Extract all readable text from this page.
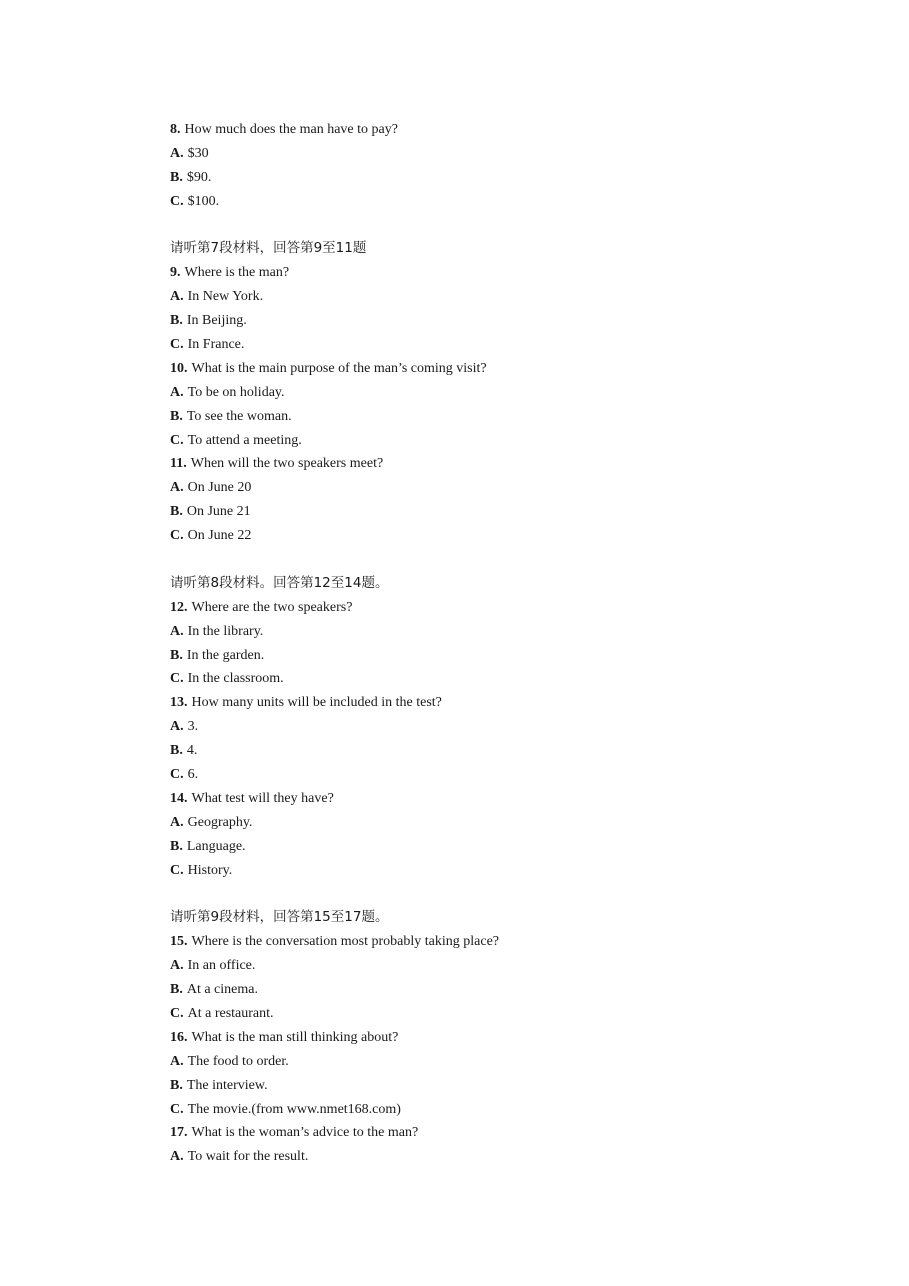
8. How much does the man have to pay?
A. $30
B. $90.
C. $100.
请听第7段材料，回答第9至11题
9. Where is the man?
A. In New York.
B. In Beijing.
C. In France.
10. What is the main purpose of the man’s coming visit?
A. To be on holiday.
B. To see the woman.
C. To attend a meeting.
11. When will the two speakers meet?
A. On June 20
B. On June 21
C. On June 22
请听第8段材料。回答第12至14题。
12. Where are the two speakers?
A. In the library.
B. In the garden.
C. In the classroom.
13. How many units will be included in the test?
A. 3.
B. 4.
C. 6.
14. What test will they have?
A. Geography.
B. Language.
C. History.
请听第9段材料，回答第15至17题。
15. Where is the conversation most probably taking place?
A. In an office.
B. At a cinema.
C. At a restaurant.
16. What is the man still thinking about?
A. The food to order.
B. The interview.
C. The movie.(from www.nmet168.com)
17. What is the woman’s advice to the man?
A. To wait for the result.
